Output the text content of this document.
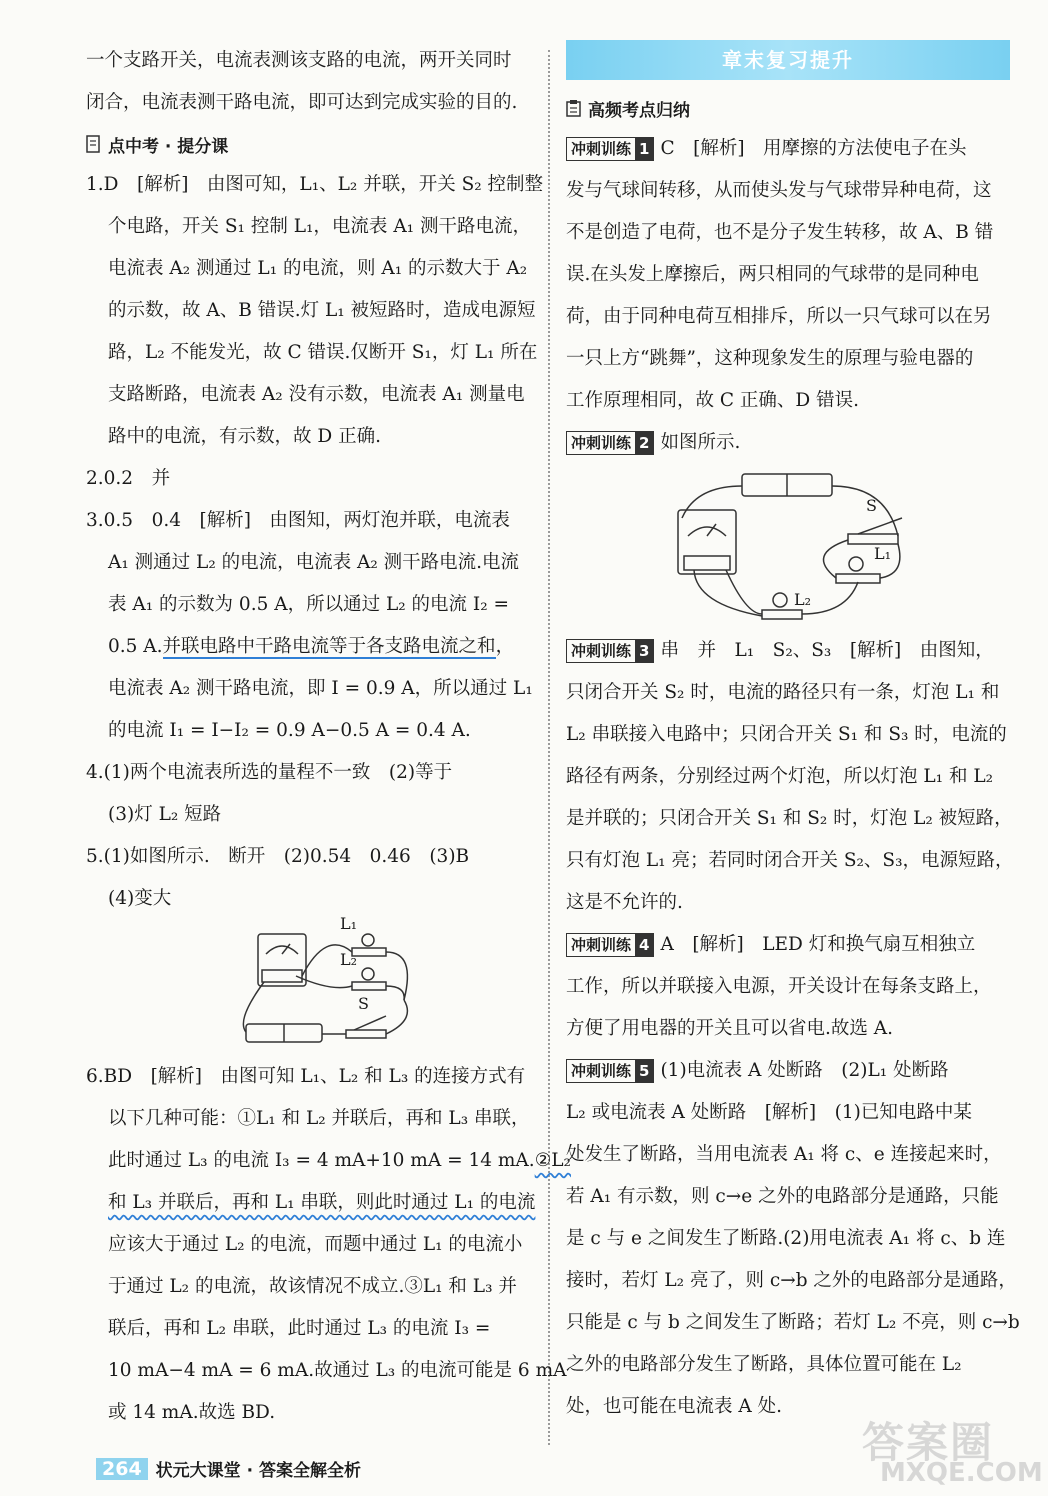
一个支路开关，电流表测该支路的电流，两开关同时
闭合，电流表测干路电流，即可达到完成实验的目的.
点中考 · 提分课
1.D　[解析]　由图可知，L₁、L₂ 并联，开关 S₂ 控制整
个电路，开关 S₁ 控制 L₁，电流表 A₁ 测干路电流，
电流表 A₂ 测通过 L₁ 的电流，则 A₁ 的示数大于 A₂
的示数，故 A、B 错误.灯 L₁ 被短路时，造成电源短
路，L₂ 不能发光，故 C 错误.仅断开 S₁，灯 L₁ 所在
支路断路，电流表 A₂ 没有示数，电流表 A₁ 测量电
路中的电流，有示数，故 D 正确.
2.0.2　并
3.0.5　0.4　[解析]　由图知，两灯泡并联，电流表
A₁ 测通过 L₂ 的电流，电流表 A₂ 测干路电流.电流
表 A₁ 的示数为 0.5 A，所以通过 L₂ 的电流 I₂ =
0.5 A.并联电路中干路电流等于各支路电流之和，
电流表 A₂ 测干路电流，即 I = 0.9 A，所以通过 L₁
的电流 I₁ = I−I₂ = 0.9 A−0.5 A = 0.4 A.
4.(1)两个电流表所选的量程不一致　(2)等于
(3)灯 L₂ 短路
5.(1)如图所示.　断开　(2)0.54　0.46　(3)B
(4)变大
L₁
L₂
S
6.BD　[解析]　由图可知 L₁、L₂ 和 L₃ 的连接方式有
以下几种可能：①L₁ 和 L₂ 并联后，再和 L₃ 串联，
此时通过 L₃ 的电流 I₃ = 4 mA+10 mA = 14 mA.②L₂
和 L₃ 并联后，再和 L₁ 串联，则此时通过 L₁ 的电流
应该大于通过 L₂ 的电流，而题中通过 L₁ 的电流小
于通过 L₂ 的电流，故该情况不成立.③L₁ 和 L₃ 并
联后，再和 L₂ 串联，此时通过 L₃ 的电流 I₃ =
10 mA−4 mA = 6 mA.故通过 L₃ 的电流可能是 6 mA
或 14 mA.故选 BD.
章末复习提升
高频考点归纳
冲刺训练 1 C　[解析]　用摩擦的方法使电子在头
发与气球间转移，从而使头发与气球带异种电荷，这
不是创造了电荷，也不是分子发生转移，故 A、B 错
误.在头发上摩擦后，两只相同的气球带的是同种电
荷，由于同种电荷互相排斥，所以一只气球可以在另
一只上方“跳舞”，这种现象发生的原理与验电器的
工作原理相同，故 C 正确、D 错误.
冲刺训练 2 如图所示.
S
L₁
L₂
冲刺训练 3 串　并　L₁　S₂、S₃　[解析]　由图知，
只闭合开关 S₂ 时，电流的路径只有一条，灯泡 L₁ 和
L₂ 串联接入电路中；只闭合开关 S₁ 和 S₃ 时，电流的
路径有两条，分别经过两个灯泡，所以灯泡 L₁ 和 L₂
是并联的；只闭合开关 S₁ 和 S₂ 时，灯泡 L₂ 被短路，
只有灯泡 L₁ 亮；若同时闭合开关 S₂、S₃，电源短路，
这是不允许的.
冲刺训练 4 A　[解析]　LED 灯和换气扇互相独立
工作，所以并联接入电源，开关设计在每条支路上，
方便了用电器的开关且可以省电.故选 A.
冲刺训练 5 (1)电流表 A 处断路　(2)L₁ 处断路
L₂ 或电流表 A 处断路　[解析]　(1)已知电路中某
处发生了断路，当用电流表 A₁ 将 c、e 连接起来时，
若 A₁ 有示数，则 c→e 之外的电路部分是通路，只能
是 c 与 e 之间发生了断路.(2)用电流表 A₁ 将 c、b 连
接时，若灯 L₂ 亮了，则 c→b 之外的电路部分是通路，
只能是 c 与 b 之间发生了断路；若灯 L₂ 不亮，则 c→b
之外的电路部分发生了断路，具体位置可能在 L₂
处，也可能在电流表 A 处.
264 状元大课堂 · 答案全解全析
答案圈
MXQE.COM
